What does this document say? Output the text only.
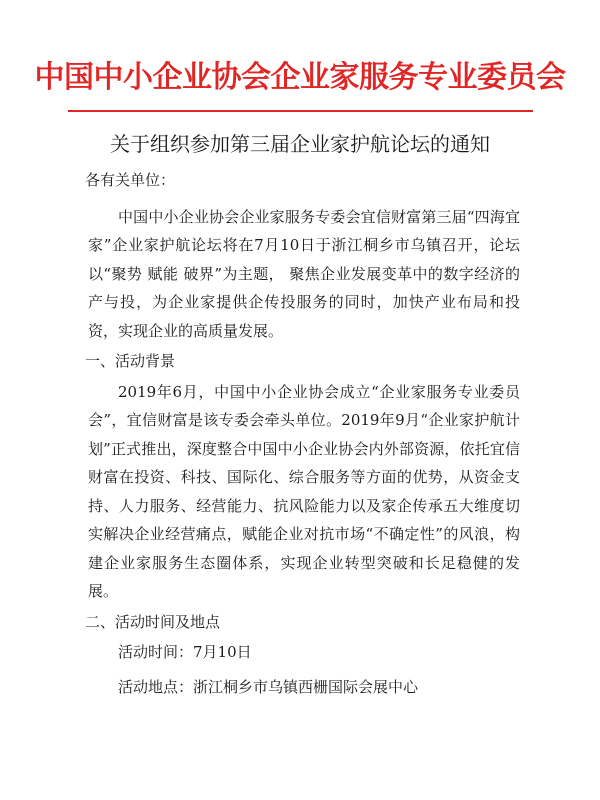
中国中小企业协会企业家服务专业委员会
关于组织参加第三届企业家护航论坛的通知

各有关单位：

中国中小企业协会企业家服务专委会宜信财富第三届“四海宜家”企业家护航论坛将在7月10日于浙江桐乡市乌镇召开，论坛以“聚势 赋能 破界”为主题， 聚焦企业发展变革中的数字经济的产与投，为企业家提供企传投服务的同时，加快产业布局和投资，实现企业的高质量发展。

一、活动背景

2019年6月，中国中小企业协会成立“企业家服务专业委员会”，宜信财富是该专委会牵头单位。2019年9月“企业家护航计划”正式推出，深度整合中国中小企业协会内外部资源，依托宜信财富在投资、科技、国际化、综合服务等方面的优势，从资金支持、人力服务、经营能力、抗风险能力以及家企传承五大维度切实解决企业经营痛点，赋能企业对抗市场“不确定性”的风浪，构建企业家服务生态圈体系，实现企业转型突破和长足稳健的发展。

二、活动时间及地点

活动时间：7月10日

活动地点：浙江桐乡市乌镇西栅国际会展中心
